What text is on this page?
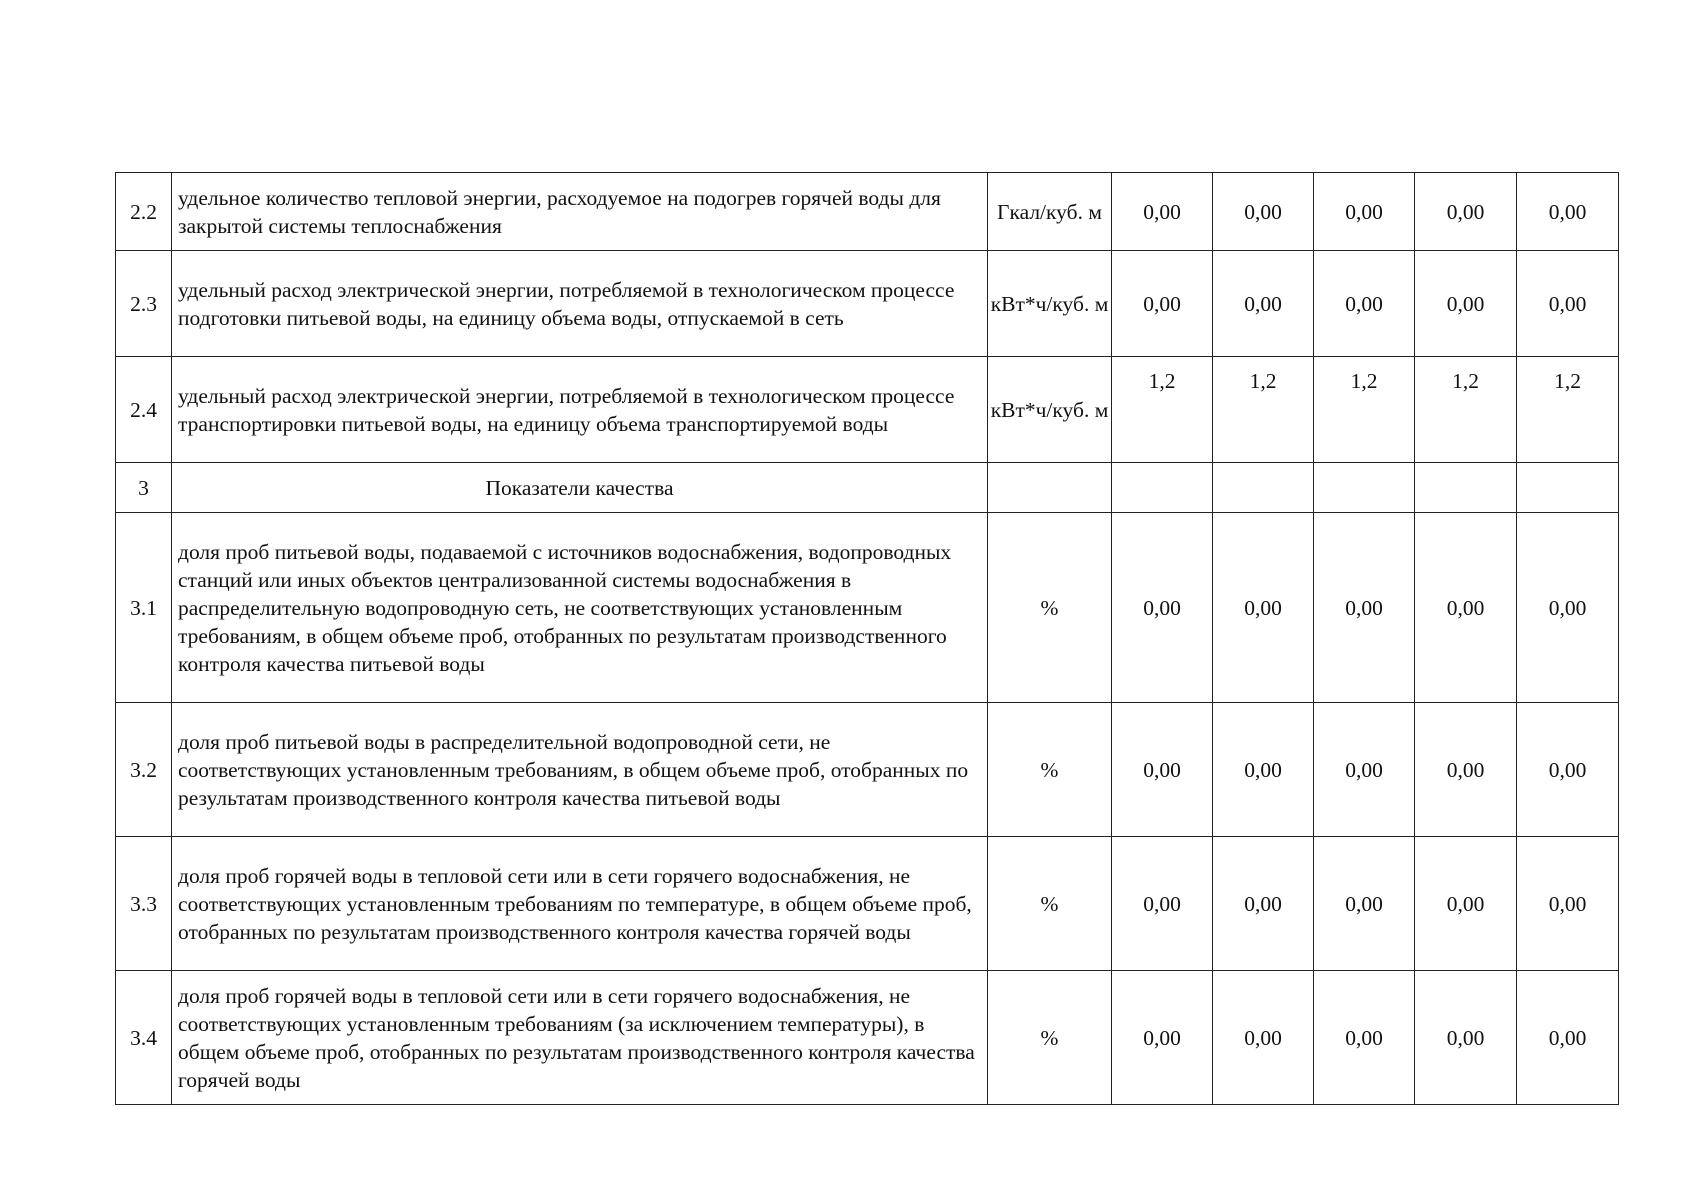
2.2	удельное количество тепловой энергии, расходуемое на подогрев горячей воды для закрытой системы теплоснабжения	Гкал/куб. м	0,00	0,00	0,00	0,00	0,00
2.3	удельный расход электрической энергии, потребляемой в технологическом процессе подготовки питьевой воды, на единицу объема воды, отпускаемой в сеть	кВт*ч/куб. м	0,00	0,00	0,00	0,00	0,00
2.4	удельный расход электрической энергии, потребляемой в технологическом процессе транспортировки питьевой воды, на единицу объема транспортируемой воды	кВт*ч/куб. м	1,2	1,2	1,2	1,2	1,2
3	Показатели качества						
3.1	доля проб питьевой воды, подаваемой с источников водоснабжения, водопроводных станций или иных объектов централизованной системы водоснабжения в распределительную водопроводную сеть, не соответствующих установленным требованиям, в общем объеме проб, отобранных по результатам производственного контроля качества питьевой воды	%	0,00	0,00	0,00	0,00	0,00
3.2	доля проб питьевой воды в распределительной водопроводной сети, не соответствующих установленным требованиям, в общем объеме проб, отобранных по результатам производственного контроля качества питьевой воды	%	0,00	0,00	0,00	0,00	0,00
3.3	доля проб горячей воды в тепловой сети или в сети горячего водоснабжения, не соответствующих установленным требованиям по температуре, в общем объеме проб, отобранных по результатам производственного контроля качества горячей воды	%	0,00	0,00	0,00	0,00	0,00
3.4	доля проб горячей воды в тепловой сети или в сети горячего водоснабжения, не соответствующих установленным требованиям (за исключением температуры), в общем объеме проб, отобранных по результатам производственного контроля качества горячей воды	%	0,00	0,00	0,00	0,00	0,00
